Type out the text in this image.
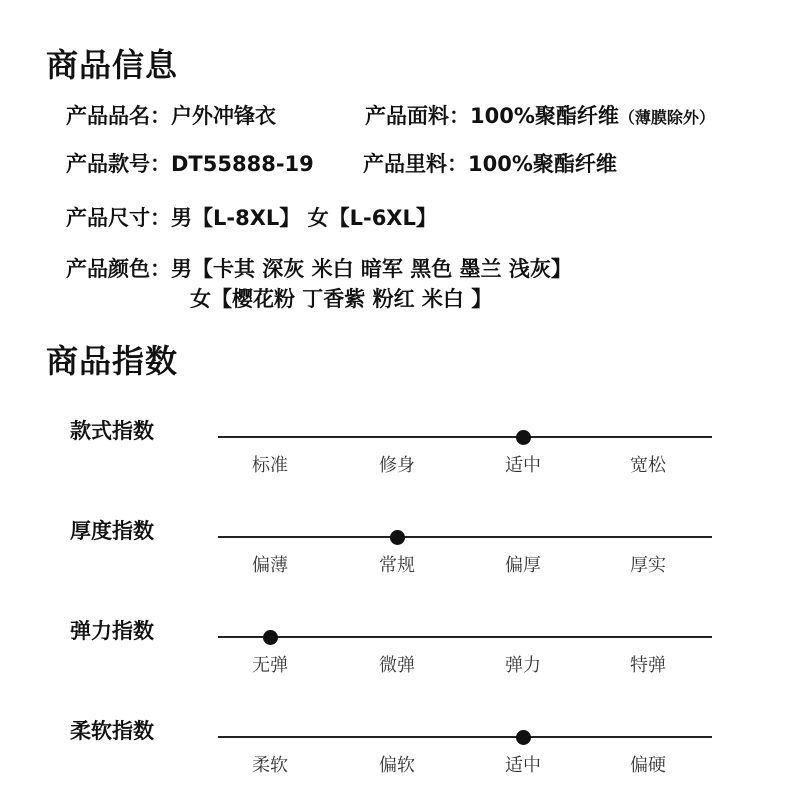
商品信息
产品品名：户外冲锋衣	产品面料：100%聚酯纤维（薄膜除外）
产品款号：DT55888-19 产品里料：100%聚酯纤维
产品尺寸：男【L-8XL】 女【L-6XL】
产品颜色：男【卡其 深灰 米白 暗军 黑色 墨兰 浅灰】
女【樱花粉 丁香紫 粉红 米白 】
商品指数
款式指数
标准	修身	适中	宽松
厚度指数
偏薄	常规	偏厚	厚实
弹力指数
无弹	微弹	弹力	特弹
柔软指数
柔软	偏软	适中	偏硬
